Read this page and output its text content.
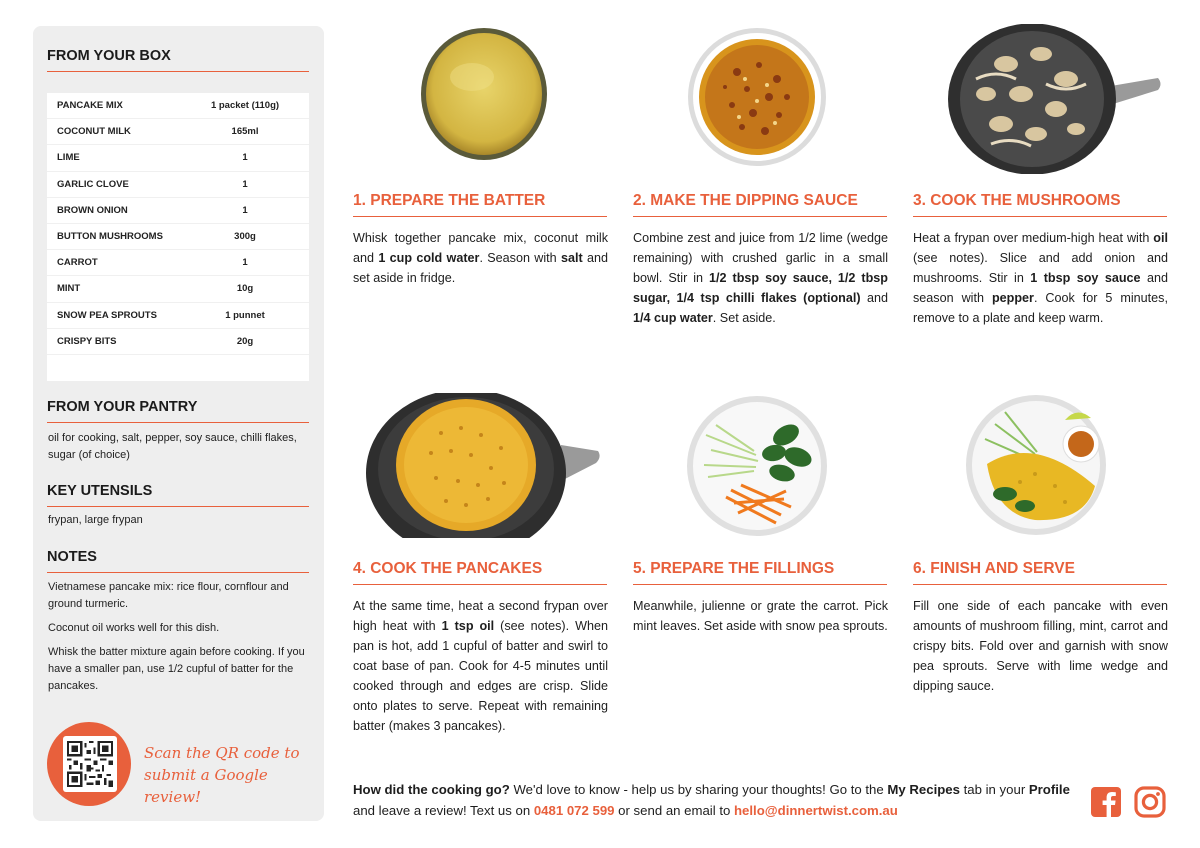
FROM YOUR BOX
PANCAKE MIX	1 packet (110g)
COCONUT MILK	165ml
LIME	1
GARLIC CLOVE	1
BROWN ONION	1
BUTTON MUSHROOMS	300g
CARROT	1
MINT	10g
SNOW PEA SPROUTS	1 punnet
CRISPY BITS	20g
FROM YOUR PANTRY
oil for cooking, salt, pepper, soy sauce, chilli flakes, sugar (of choice)
KEY UTENSILS
frypan, large frypan
NOTES

Vietnamese pancake mix: rice flour, cornflour and ground turmeric.

Coconut oil works well for this dish.

Whisk the batter mixture again before cooking. If you have a smaller pan, use 1/2 cupful of batter for the pancakes.

Scan the QR code to submit a Google review!
1. PREPARE THE BATTER
Whisk together pancake mix, coconut milk and 1 cup cold water. Season with salt and set aside in fridge.
2. MAKE THE DIPPING SAUCE
Combine zest and juice from 1/2 lime (wedge remaining) with crushed garlic in a small bowl. Stir in 1/2 tbsp soy sauce, 1/2 tbsp sugar, 1/4 tsp chilli flakes (optional) and 1/4 cup water. Set aside.
3. COOK THE MUSHROOMS
Heat a frypan over medium-high heat with oil (see notes). Slice and add onion and mushrooms. Stir in 1 tbsp soy sauce and season with pepper. Cook for 5 minutes, remove to a plate and keep warm.
4. COOK THE PANCAKES
At the same time, heat a second frypan over high heat with 1 tsp oil (see notes). When pan is hot, add 1 cupful of batter and swirl to coat base of pan. Cook for 4-5 minutes until cooked through and edges are crisp. Slide onto plates to serve. Repeat with remaining batter (makes 3 pancakes).
5. PREPARE THE FILLINGS
Meanwhile, julienne or grate the carrot. Pick mint leaves. Set aside with snow pea sprouts.
6. FINISH AND SERVE
Fill one side of each pancake with even amounts of mushroom filling, mint, carrot and crispy bits. Fold over and garnish with snow pea sprouts. Serve with lime wedge and dipping sauce.
How did the cooking go? We'd love to know - help us by sharing your thoughts! Go to the My Recipes tab in your Profile and leave a review! Text us on 0481 072 599 or send an email to hello@dinnertwist.com.au
